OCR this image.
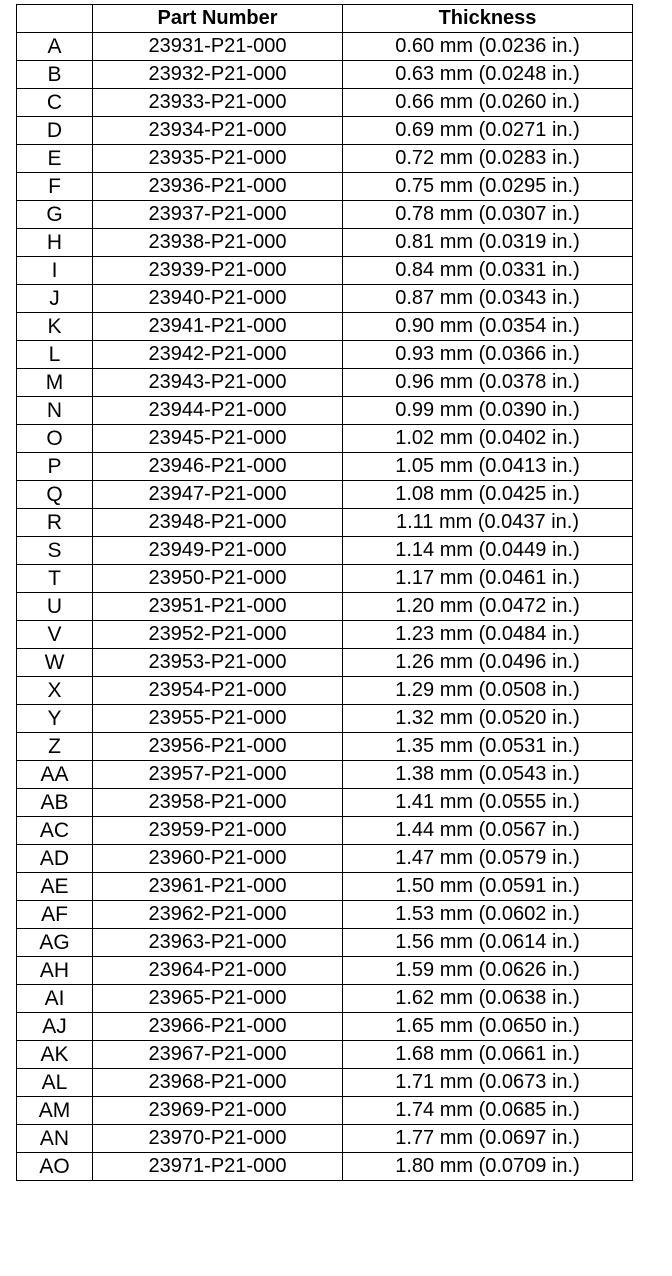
	Part Number	Thickness
A	23931-P21-000	0.60 mm (0.0236 in.)
B	23932-P21-000	0.63 mm (0.0248 in.)
C	23933-P21-000	0.66 mm (0.0260 in.)
D	23934-P21-000	0.69 mm (0.0271 in.)
E	23935-P21-000	0.72 mm (0.0283 in.)
F	23936-P21-000	0.75 mm (0.0295 in.)
G	23937-P21-000	0.78 mm (0.0307 in.)
H	23938-P21-000	0.81 mm (0.0319 in.)
I	23939-P21-000	0.84 mm (0.0331 in.)
J	23940-P21-000	0.87 mm (0.0343 in.)
K	23941-P21-000	0.90 mm (0.0354 in.)
L	23942-P21-000	0.93 mm (0.0366 in.)
M	23943-P21-000	0.96 mm (0.0378 in.)
N	23944-P21-000	0.99 mm (0.0390 in.)
O	23945-P21-000	1.02 mm (0.0402 in.)
P	23946-P21-000	1.05 mm (0.0413 in.)
Q	23947-P21-000	1.08 mm (0.0425 in.)
R	23948-P21-000	1.11 mm (0.0437 in.)
S	23949-P21-000	1.14 mm (0.0449 in.)
T	23950-P21-000	1.17 mm (0.0461 in.)
U	23951-P21-000	1.20 mm (0.0472 in.)
V	23952-P21-000	1.23 mm (0.0484 in.)
W	23953-P21-000	1.26 mm (0.0496 in.)
X	23954-P21-000	1.29 mm (0.0508 in.)
Y	23955-P21-000	1.32 mm (0.0520 in.)
Z	23956-P21-000	1.35 mm (0.0531 in.)
AA	23957-P21-000	1.38 mm (0.0543 in.)
AB	23958-P21-000	1.41 mm (0.0555 in.)
AC	23959-P21-000	1.44 mm (0.0567 in.)
AD	23960-P21-000	1.47 mm (0.0579 in.)
AE	23961-P21-000	1.50 mm (0.0591 in.)
AF	23962-P21-000	1.53 mm (0.0602 in.)
AG	23963-P21-000	1.56 mm (0.0614 in.)
AH	23964-P21-000	1.59 mm (0.0626 in.)
AI	23965-P21-000	1.62 mm (0.0638 in.)
AJ	23966-P21-000	1.65 mm (0.0650 in.)
AK	23967-P21-000	1.68 mm (0.0661 in.)
AL	23968-P21-000	1.71 mm (0.0673 in.)
AM	23969-P21-000	1.74 mm (0.0685 in.)
AN	23970-P21-000	1.77 mm (0.0697 in.)
AO	23971-P21-000	1.80 mm (0.0709 in.)
